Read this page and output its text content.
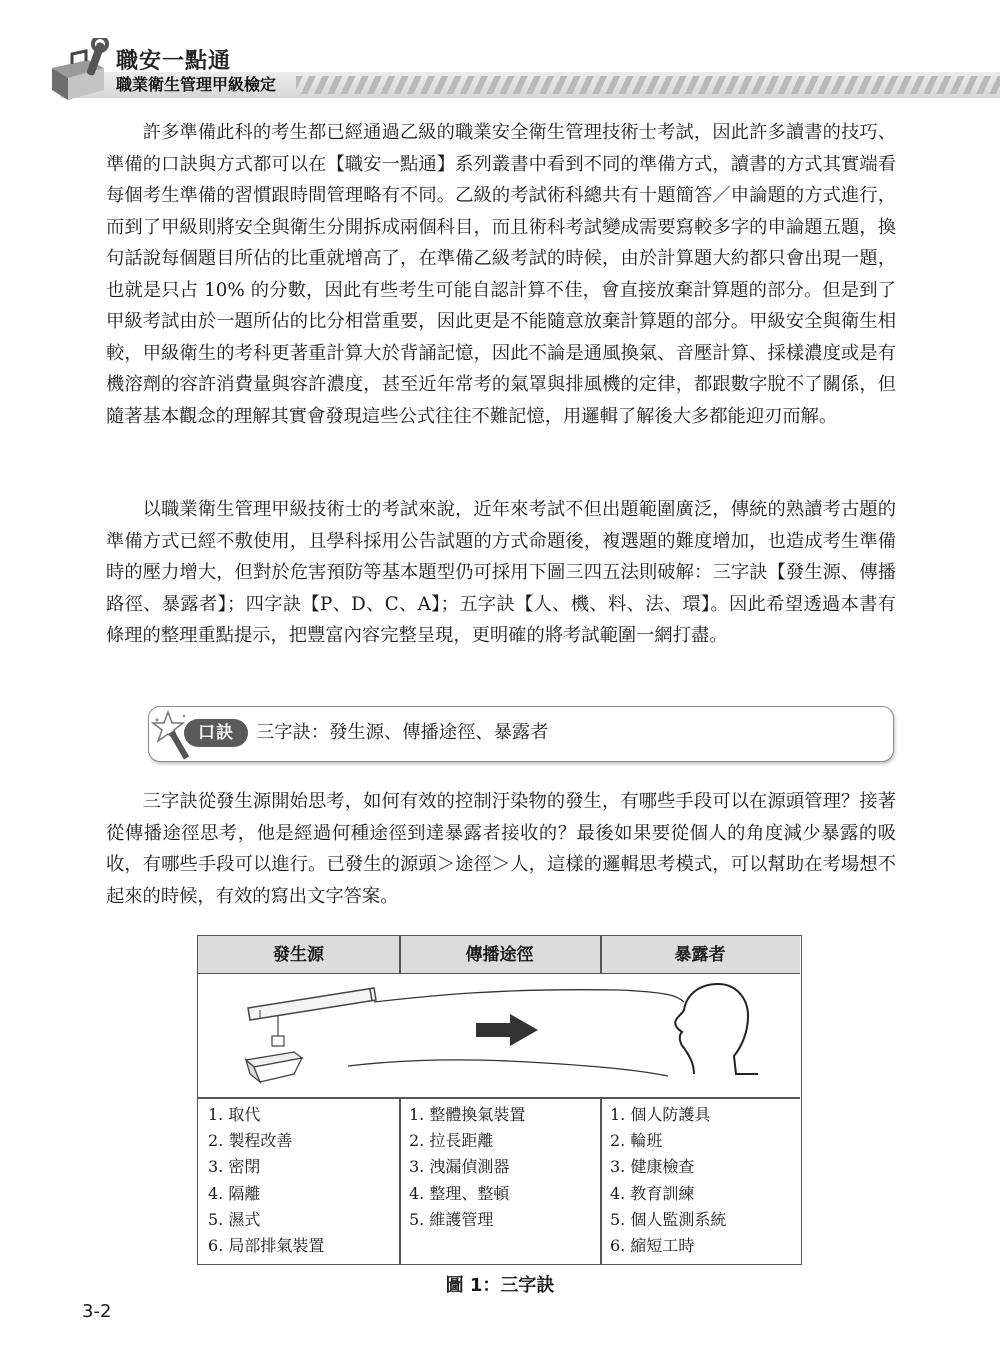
職安一點通
職業衛生管理甲級檢定

許多準備此科的考生都已經通過乙級的職業安全衛生管理技術士考試，因此許多讀書的技巧、準備的口訣與方式都可以在【職安一點通】系列叢書中看到不同的準備方式，讀書的方式其實端看每個考生準備的習慣跟時間管理略有不同。乙級的考試術科總共有十題簡答／申論題的方式進行，而到了甲級則將安全與衛生分開拆成兩個科目，而且術科考試變成需要寫較多字的申論題五題，換句話說每個題目所佔的比重就增高了，在準備乙級考試的時候，由於計算題大約都只會出現一題，也就是只占 10% 的分數，因此有些考生可能自認計算不佳，會直接放棄計算題的部分。但是到了甲級考試由於一題所佔的比分相當重要，因此更是不能隨意放棄計算題的部分。甲級安全與衛生相較，甲級衛生的考科更著重計算大於背誦記憶，因此不論是通風換氣、音壓計算、採樣濃度或是有機溶劑的容許消費量與容許濃度，甚至近年常考的氣罩與排風機的定律，都跟數字脫不了關係，但隨著基本觀念的理解其實會發現這些公式往往不難記憶，用邏輯了解後大多都能迎刃而解。

以職業衛生管理甲級技術士的考試來說，近年來考試不但出題範圍廣泛，傳統的熟讀考古題的準備方式已經不敷使用，且學科採用公告試題的方式命題後，複選題的難度增加，也造成考生準備時的壓力增大，但對於危害預防等基本題型仍可採用下圖三四五法則破解：三字訣【發生源、傳播路徑、暴露者】；四字訣【P、D、C、A】；五字訣【人、機、料、法、環】。因此希望透過本書有條理的整理重點提示，把豐富內容完整呈現，更明確的將考試範圍一網打盡。

口訣	三字訣：發生源、傳播途徑、暴露者

三字訣從發生源開始思考，如何有效的控制汙染物的發生，有哪些手段可以在源頭管理？接著從傳播途徑思考，他是經過何種途徑到達暴露者接收的？最後如果要從個人的角度減少暴露的吸收，有哪些手段可以進行。已發生的源頭＞途徑＞人，這樣的邏輯思考模式，可以幫助在考場想不起來的時候，有效的寫出文字答案。

發生源	傳播途徑	暴露者
1. 取代
2. 製程改善
3. 密閉
4. 隔離
5. 濕式
6. 局部排氣裝置
1. 整體換氣裝置
2. 拉長距離
3. 洩漏偵測器
4. 整理、整頓
5. 維護管理
1. 個人防護具
2. 輪班
3. 健康檢查
4. 教育訓練
5. 個人監測系統
6. 縮短工時
圖 1：三字訣
3-2
